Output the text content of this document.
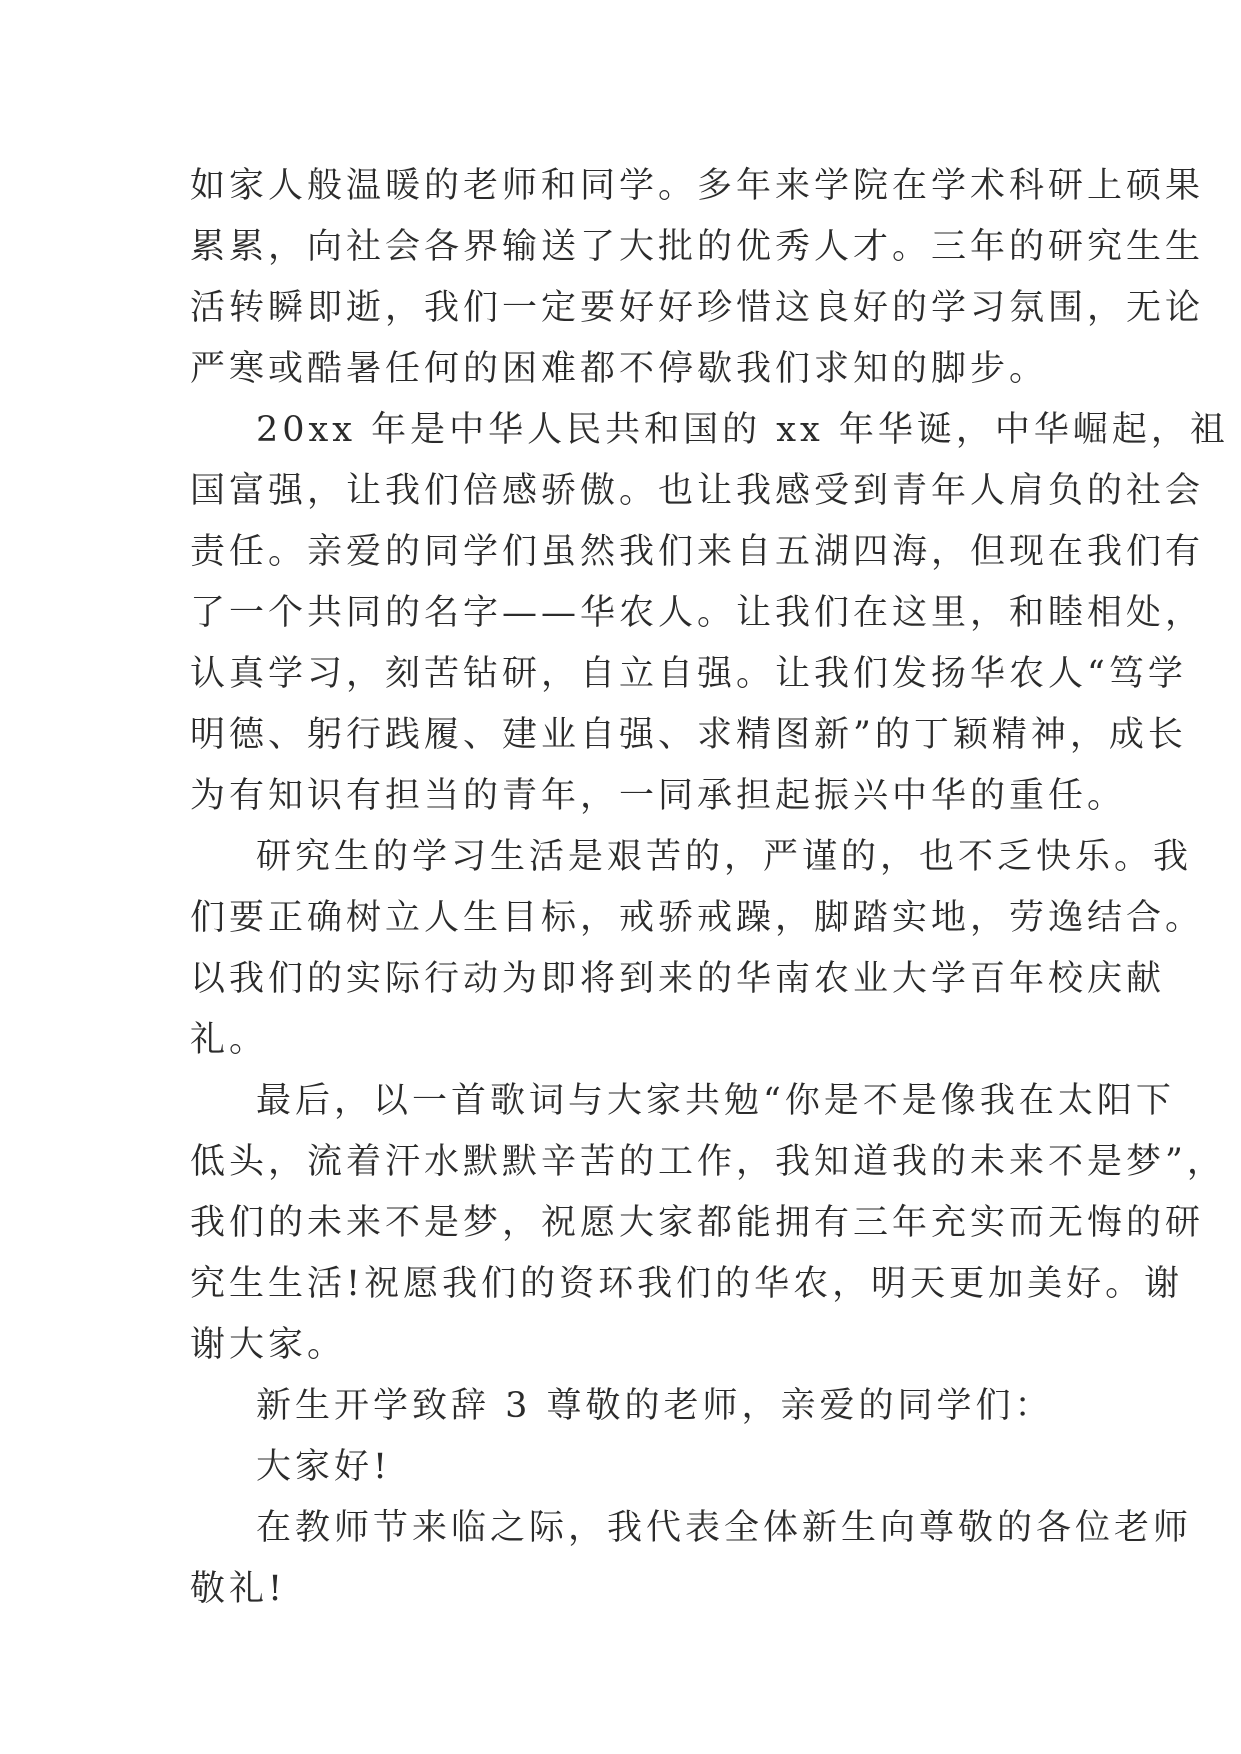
如家人般温暖的老师和同学。多年来学院在学术科研上硕果
累累，向社会各界输送了大批的优秀人才。三年的研究生生
活转瞬即逝，我们一定要好好珍惜这良好的学习氛围，无论
严寒或酷暑任何的困难都不停歇我们求知的脚步。
20xx 年是中华人民共和国的 xx 年华诞，中华崛起，祖
国富强，让我们倍感骄傲。也让我感受到青年人肩负的社会
责任。亲爱的同学们虽然我们来自五湖四海，但现在我们有
了一个共同的名字——华农人。让我们在这里，和睦相处，
认真学习，刻苦钻研，自立自强。让我们发扬华农人“笃学
明德、躬行践履、建业自强、求精图新”的丁颖精神，成长
为有知识有担当的青年，一同承担起振兴中华的重任。
研究生的学习生活是艰苦的，严谨的，也不乏快乐。我
们要正确树立人生目标，戒骄戒躁，脚踏实地，劳逸结合。
以我们的实际行动为即将到来的华南农业大学百年校庆献
礼。
最后，以一首歌词与大家共勉“你是不是像我在太阳下
低头，流着汗水默默辛苦的工作，我知道我的未来不是梦”，
我们的未来不是梦，祝愿大家都能拥有三年充实而无悔的研
究生生活!祝愿我们的资环我们的华农，明天更加美好。谢
谢大家。
新生开学致辞 3 尊敬的老师，亲爱的同学们：
大家好!
在教师节来临之际，我代表全体新生向尊敬的各位老师
敬礼!
